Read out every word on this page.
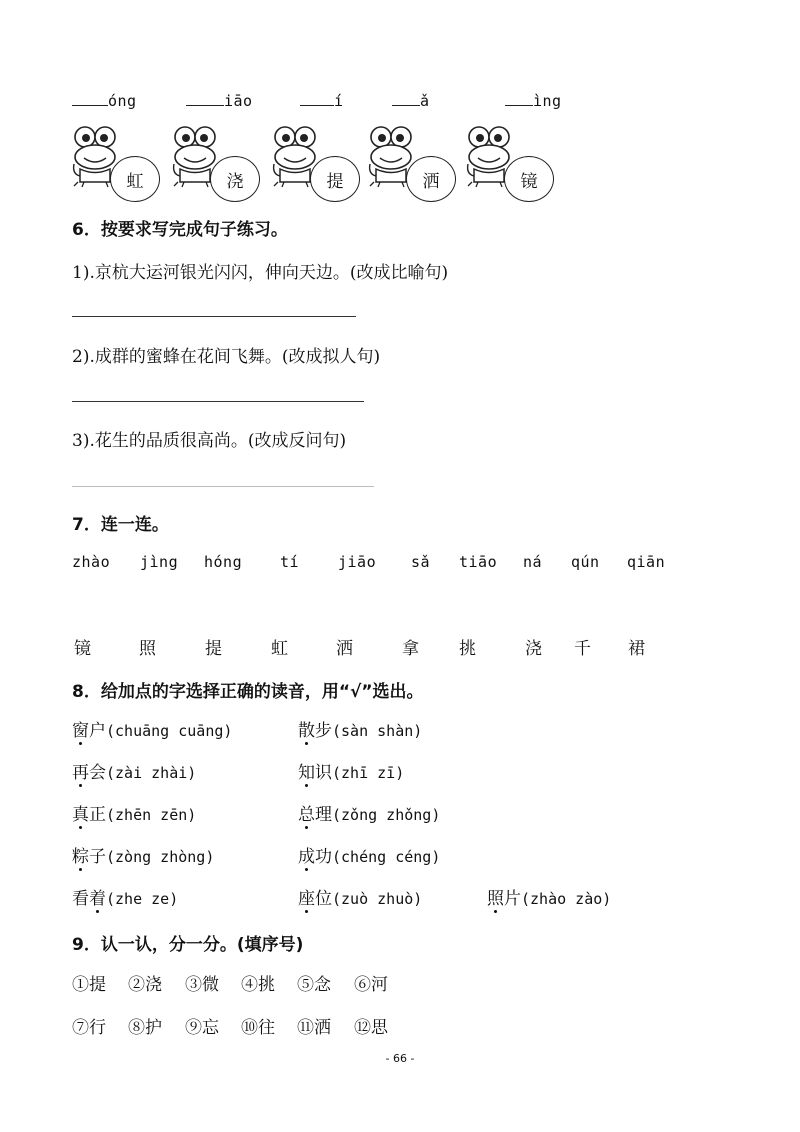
óng	iāo	í	ǎ	ìng
虹	浇	提	洒	镜
6．按要求写完成句子练习。
1).京杭大运河银光闪闪，伸向天边。(改成比喻句)
2).成群的蜜蜂在花间飞舞。(改成拟人句)
3).花生的品质很高尚。(改成反问句)
7．连一连。
zhào jìng hóng	tí	jiāo sǎ tiāo ná qún qiān
镜	照	提	虹	洒	拿 挑	浇 千 裙
8．给加点的字选择正确的读音，用“√”选出。
窗户(chuāng cuāng)	散步(sàn shàn)
再会(zài zhài)	知识(zhī zī)
真正(zhēn zēn)	总理(zǒng zhǒng)
粽子(zòng zhòng)	成功(chéng céng)
看着(zhe ze)	座位(zuò zhuò)	照片(zhào zào)
9．认一认，分一分。(填序号)
①提 ②浇 ③微 ④挑 ⑤念 ⑥河
⑦行 ⑧护 ⑨忘 ⑩往 ⑪洒 ⑫思
- 66 -
